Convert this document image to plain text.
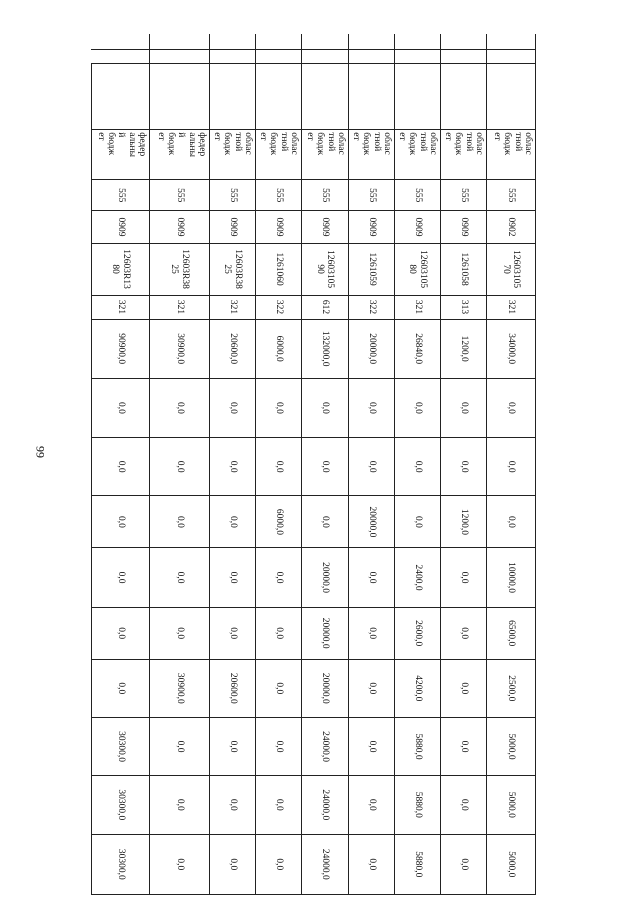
99
			облас
тной
бюдж
ет	555	0902	12603105
70	321	34000,0	0,0	0,0	0,0	10000,0	6500,0	2500,0	5000,0	5000,0	5000,0
			облас
тной
бюдж
ет	555	0909	1261058	313	1200,0	0,0	0,0	1200,0	0,0	0,0	0,0	0,0	0,0	0,0
			облас
тной
бюдж
ет	555	0909	12603105
80	321	26840,0	0,0	0,0	0,0	2400,0	2600,0	4200,0	5880,0	5880,0	5880,0
			облас
тной
бюдж
ет	555	0909	1261059	322	20000,0	0,0	0,0	20000,0	0,0	0,0	0,0	0,0	0,0	0,0
			облас
тной
бюдж
ет	555	0909	12603105
90	612	132000,0	0,0	0,0	0,0	20000,0	20000,0	20000,0	24000,0	24000,0	24000,0
			облас
тной
бюдж
ет	555	0909	1261060	322	6000,0	0,0	0,0	6000,0	0,0	0,0	0,0	0,0	0,0	0,0
			облас
тной
бюдж
ет	555	0909	12603R38
25	321	20600,0	0,0	0,0	0,0	0,0	0,0	20600,0	0,0	0,0	0,0
			федер
альны
й
бюдж
ет	555	0909	12603R38
25	321	30900,0	0,0	0,0	0,0	0,0	0,0	30900,0	0,0	0,0	0,0
			федер
альны
й
бюдж
ет	555	0909	12603R13
80	321	90900,0	0,0	0,0	0,0	0,0	0,0	0,0	30300,0	30300,0	30300,0
